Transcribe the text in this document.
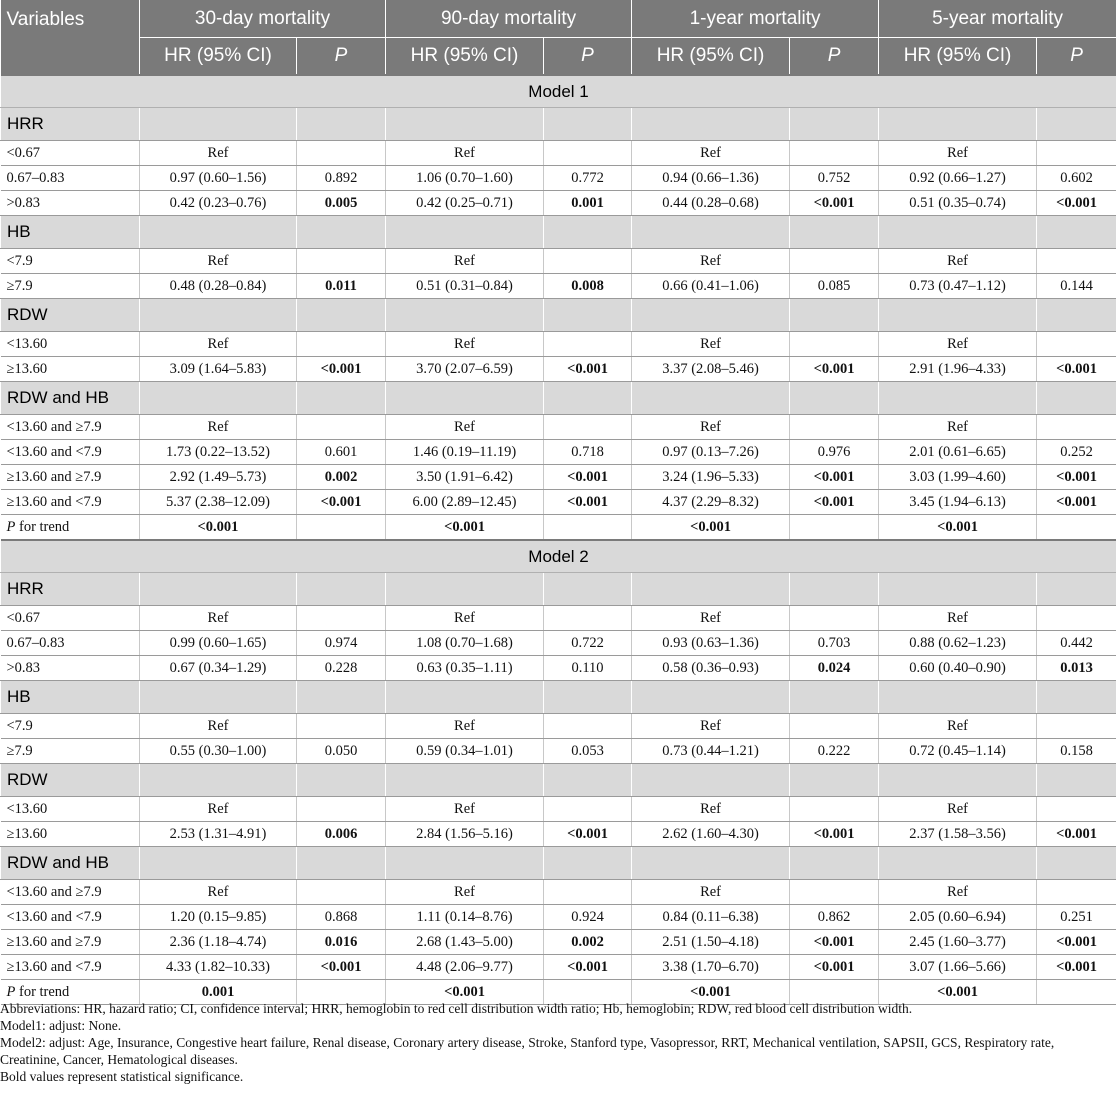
Variables	30-day mortality		90-day mortality		1-year mortality		5-year mortality	
	HR (95% CI)	P	HR (95% CI)	P	HR (95% CI)	P	HR (95% CI)	P
Model 1								
HRR								
<0.67	Ref		Ref		Ref		Ref	
0.67–0.83	0.97 (0.60–1.56)	0.892	1.06 (0.70–1.60)	0.772	0.94 (0.66–1.36)	0.752	0.92 (0.66–1.27)	0.602
>0.83	0.42 (0.23–0.76)	0.005	0.42 (0.25–0.71)	0.001	0.44 (0.28–0.68)	<0.001	0.51 (0.35–0.74)	<0.001
HB								
<7.9	Ref		Ref		Ref		Ref	
≥7.9	0.48 (0.28–0.84)	0.011	0.51 (0.31–0.84)	0.008	0.66 (0.41–1.06)	0.085	0.73 (0.47–1.12)	0.144
RDW								
<13.60	Ref		Ref		Ref		Ref	
≥13.60	3.09 (1.64–5.83)	<0.001	3.70 (2.07–6.59)	<0.001	3.37 (2.08–5.46)	<0.001	2.91 (1.96–4.33)	<0.001
RDW and HB								
<13.60 and ≥7.9	Ref		Ref		Ref		Ref	
<13.60 and <7.9	1.73 (0.22–13.52)	0.601	1.46 (0.19–11.19)	0.718	0.97 (0.13–7.26)	0.976	2.01 (0.61–6.65)	0.252
≥13.60 and ≥7.9	2.92 (1.49–5.73)	0.002	3.50 (1.91–6.42)	<0.001	3.24 (1.96–5.33)	<0.001	3.03 (1.99–4.60)	<0.001
≥13.60 and <7.9	5.37 (2.38–12.09)	<0.001	6.00 (2.89–12.45)	<0.001	4.37 (2.29–8.32)	<0.001	3.45 (1.94–6.13)	<0.001
P for trend	<0.001		<0.001		<0.001		<0.001	
Model 2								
HRR								
<0.67	Ref		Ref		Ref		Ref	
0.67–0.83	0.99 (0.60–1.65)	0.974	1.08 (0.70–1.68)	0.722	0.93 (0.63–1.36)	0.703	0.88 (0.62–1.23)	0.442
>0.83	0.67 (0.34–1.29)	0.228	0.63 (0.35–1.11)	0.110	0.58 (0.36–0.93)	0.024	0.60 (0.40–0.90)	0.013
HB								
<7.9	Ref		Ref		Ref		Ref	
≥7.9	0.55 (0.30–1.00)	0.050	0.59 (0.34–1.01)	0.053	0.73 (0.44–1.21)	0.222	0.72 (0.45–1.14)	0.158
RDW								
<13.60	Ref		Ref		Ref		Ref	
≥13.60	2.53 (1.31–4.91)	0.006	2.84 (1.56–5.16)	<0.001	2.62 (1.60–4.30)	<0.001	2.37 (1.58–3.56)	<0.001
RDW and HB								
<13.60 and ≥7.9	Ref		Ref		Ref		Ref	
<13.60 and <7.9	1.20 (0.15–9.85)	0.868	1.11 (0.14–8.76)	0.924	0.84 (0.11–6.38)	0.862	2.05 (0.60–6.94)	0.251
≥13.60 and ≥7.9	2.36 (1.18–4.74)	0.016	2.68 (1.43–5.00)	0.002	2.51 (1.50–4.18)	<0.001	2.45 (1.60–3.77)	<0.001
≥13.60 and <7.9	4.33 (1.82–10.33)	<0.001	4.48 (2.06–9.77)	<0.001	3.38 (1.70–6.70)	<0.001	3.07 (1.66–5.66)	<0.001
P for trend	0.001		<0.001		<0.001		<0.001	
Abbreviations: HR, hazard ratio; CI, confidence interval; HRR, hemoglobin to red cell distribution width ratio; Hb, hemoglobin; RDW, red blood cell distribution width.
Model1: adjust: None.
Model2: adjust: Age, Insurance, Congestive heart failure, Renal disease, Coronary artery disease, Stroke, Stanford type, Vasopressor, RRT, Mechanical ventilation, SAPSII, GCS, Respiratory rate, Creatinine, Cancer, Hematological diseases.
Bold values represent statistical significance.
